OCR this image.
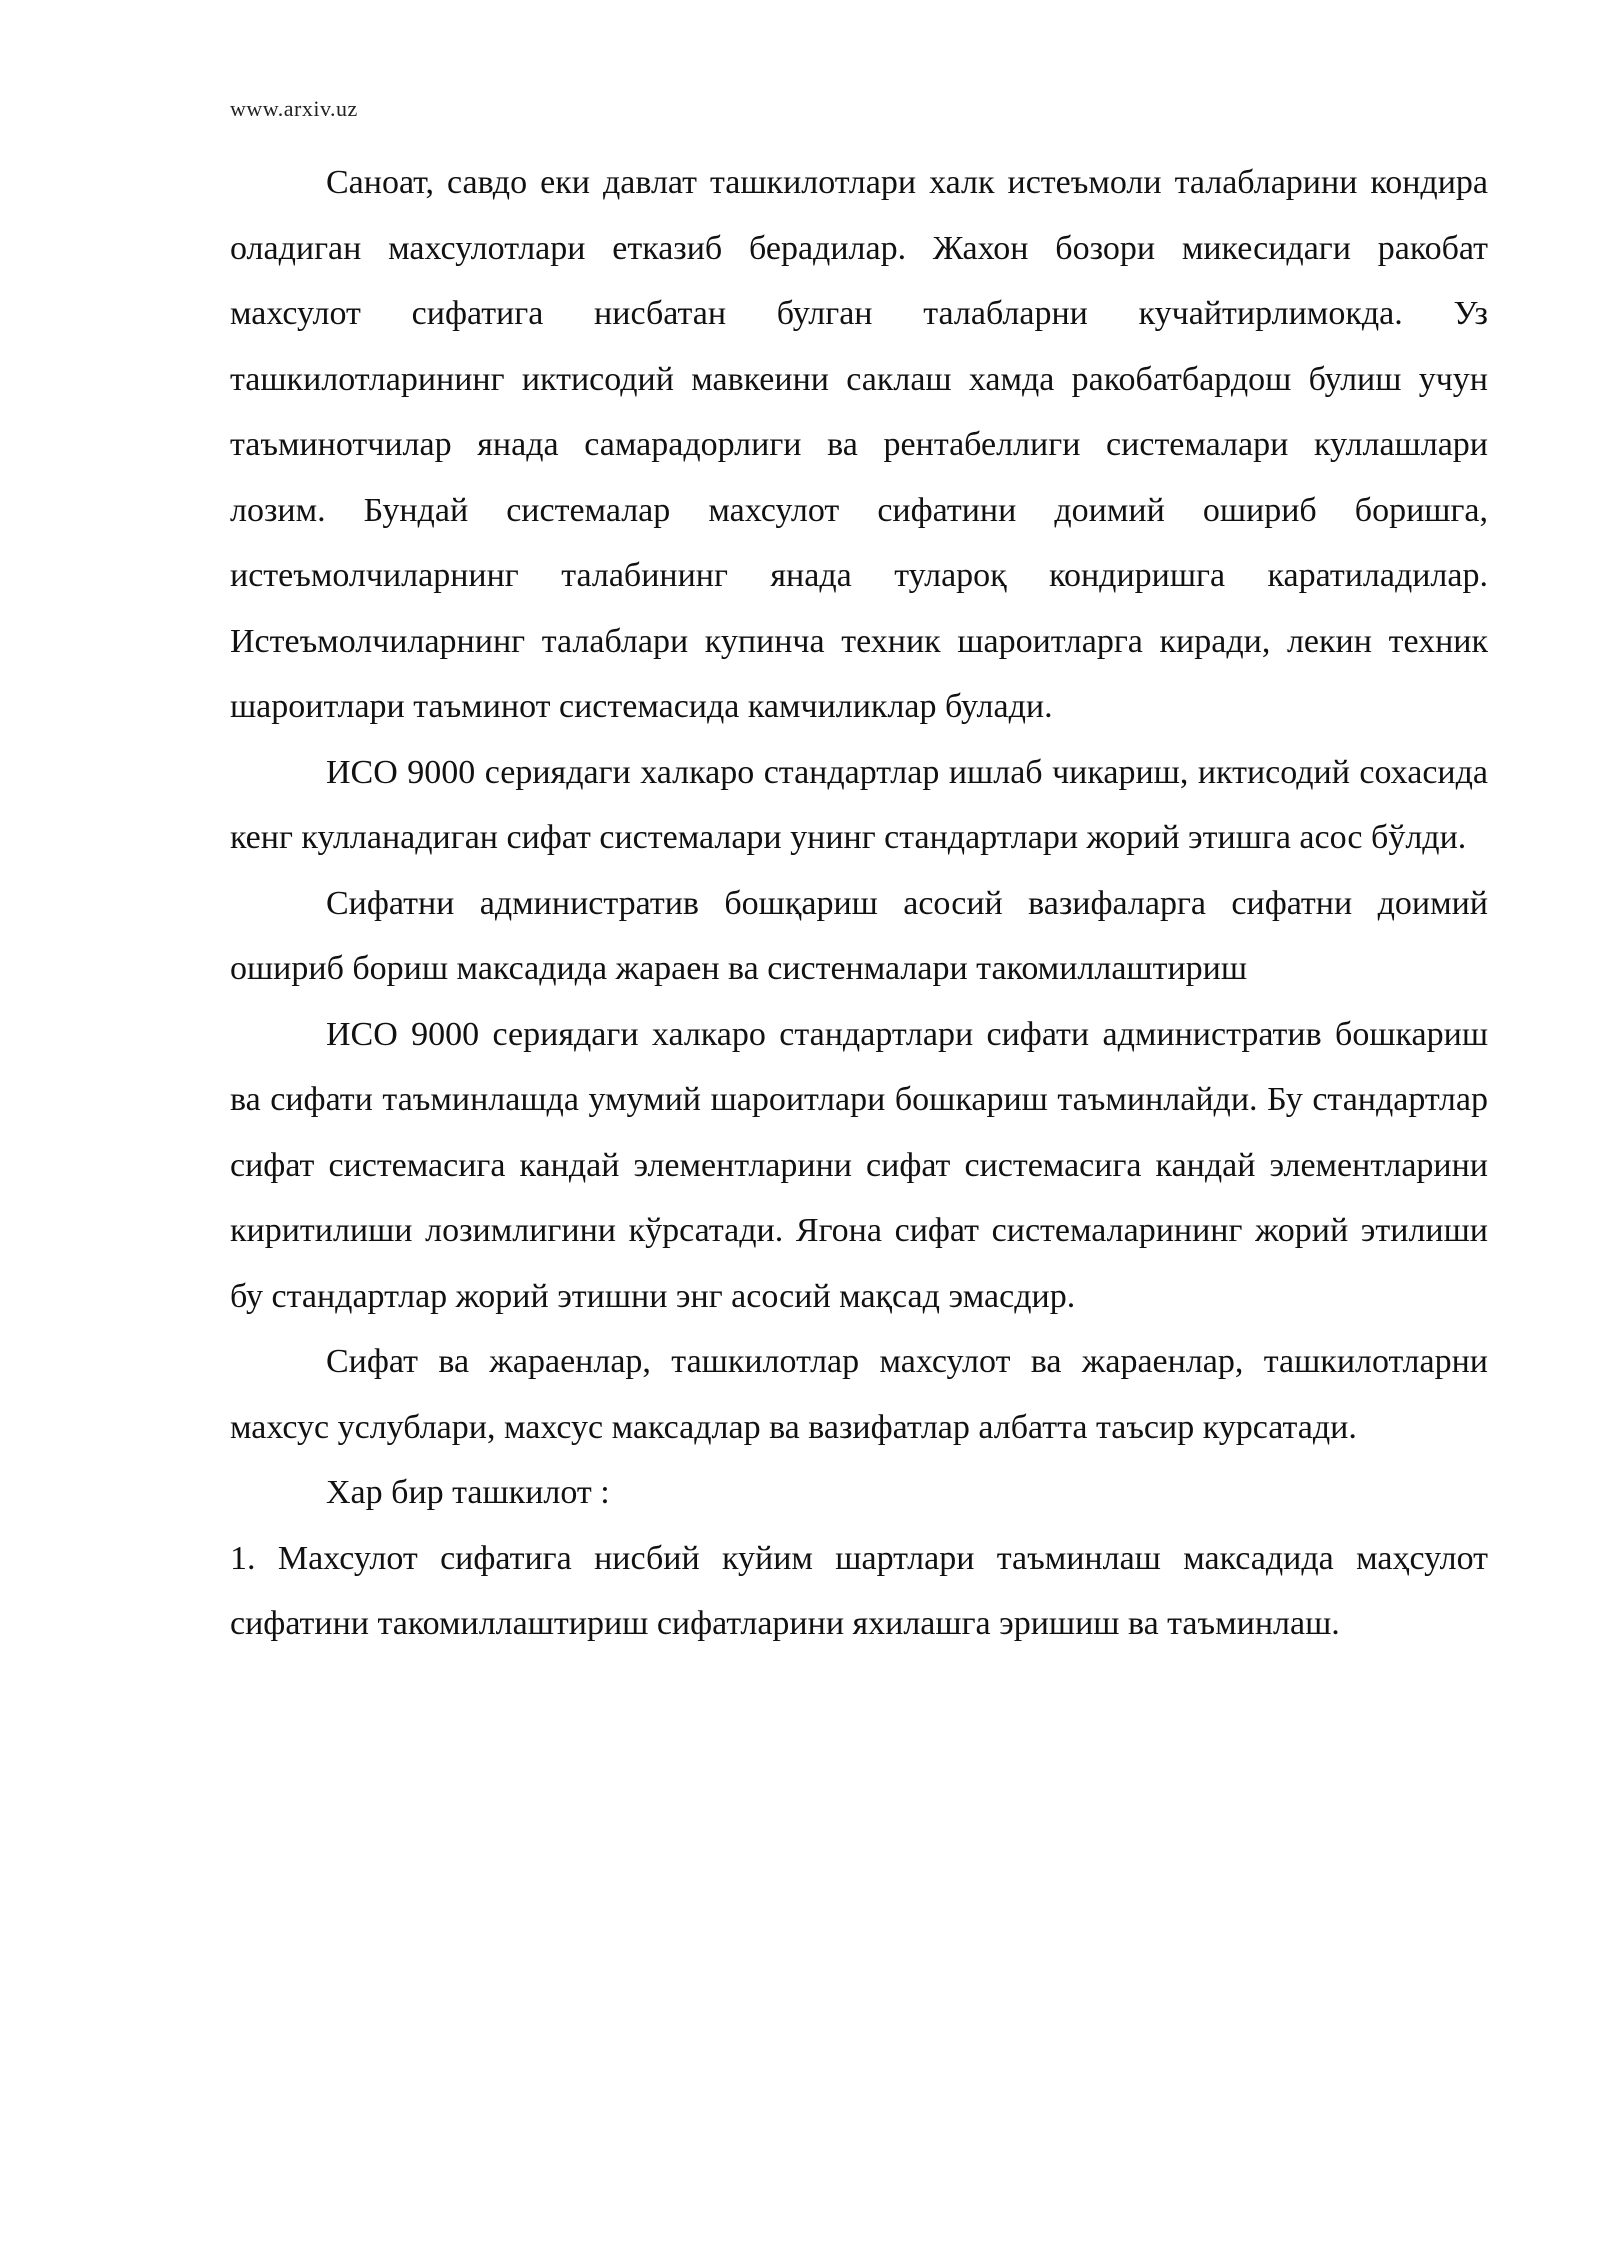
www.arxiv.uz

Саноат, савдо еки давлат ташкилотлари халк истеъмоли талабларини кондира оладиган махсулотлари етказиб берадилар. Жахон бозори микесидаги ракобат махсулот сифатига нисбатан булган талабларни кучайтирлимокда. Уз ташкилотларининг иктисодий мавкеини саклаш хамда ракобатбардош булиш учун таъминотчилар янада самарадорлиги ва рентабеллиги системалари куллашлари лозим. Бундай системалар махсулот сифатини доимий ошириб боришга, истеъмолчиларнинг талабининг янада тулароқ кондиришга каратиладилар. Истеъмолчиларнинг талаблари купинча техник шароитларга киради, лекин техник шароитлари таъминот системасида камчиликлар булади.

ИСО 9000 сериядаги халкаро стандартлар ишлаб чикариш, иктисодий сохасида кенг кулланадиган сифат системалари унинг стандартлари жорий этишга асос бўлди.

Сифатни административ бошқариш асосий вазифаларга сифатни доимий ошириб бориш максадида жараен ва систенмалари такомиллаштириш

ИСО 9000 сериядаги халкаро стандартлари сифати административ бошкариш ва сифати таъминлашда умумий шароитлари бошкариш таъминлайди. Бу стандартлар сифат системасига кандай элементларини сифат системасига кандай элементларини киритилиши лозимлигини кўрсатади. Ягона сифат системаларининг жорий этилиши бу стандартлар жорий этишни энг асосий мақсад эмасдир.

Сифат ва жараенлар, ташкилотлар махсулот ва жараенлар, ташкилотларни махсус услублари, махсус максадлар ва вазифатлар албатта таъсир курсатади.

Хар бир ташкилот :

1. Махсулот сифатига нисбий куйим шартлари таъминлаш максадида маҳсулот сифатини такомиллаштириш сифатларини яхилашга эришиш ва таъминлаш.
